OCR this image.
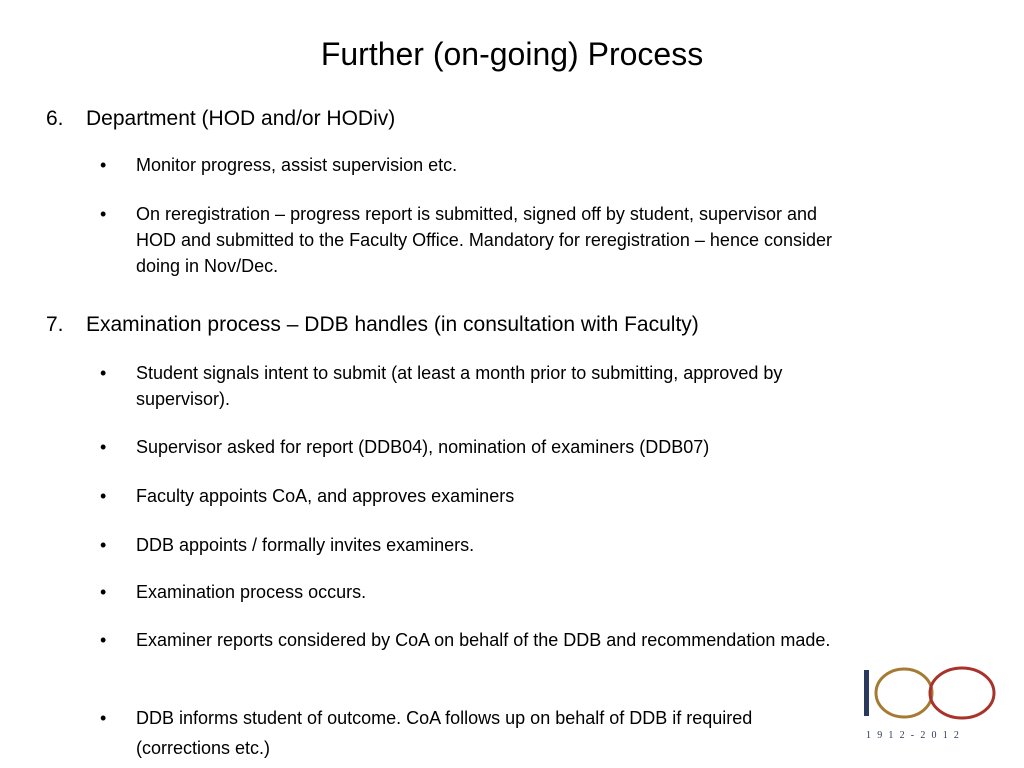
Further (on-going) Process
6. Department (HOD and/or HODiv)
• Monitor progress, assist supervision etc.
• On reregistration – progress report is submitted, signed off by student, supervisor and HOD and submitted to the Faculty Office. Mandatory for reregistration – hence consider doing in Nov/Dec.
7. Examination process – DDB handles (in consultation with Faculty)
• Student signals intent to submit (at least a month prior to submitting, approved by supervisor).
• Supervisor asked for report (DDB04), nomination of examiners (DDB07)
• Faculty appoints CoA, and approves examiners
• DDB appoints / formally invites examiners.
• Examination process occurs.
• Examiner reports considered by CoA on behalf of the DDB and recommendation made.
• DDB informs student of outcome. CoA follows up on behalf of DDB if required (corrections etc.)
1912-2012
